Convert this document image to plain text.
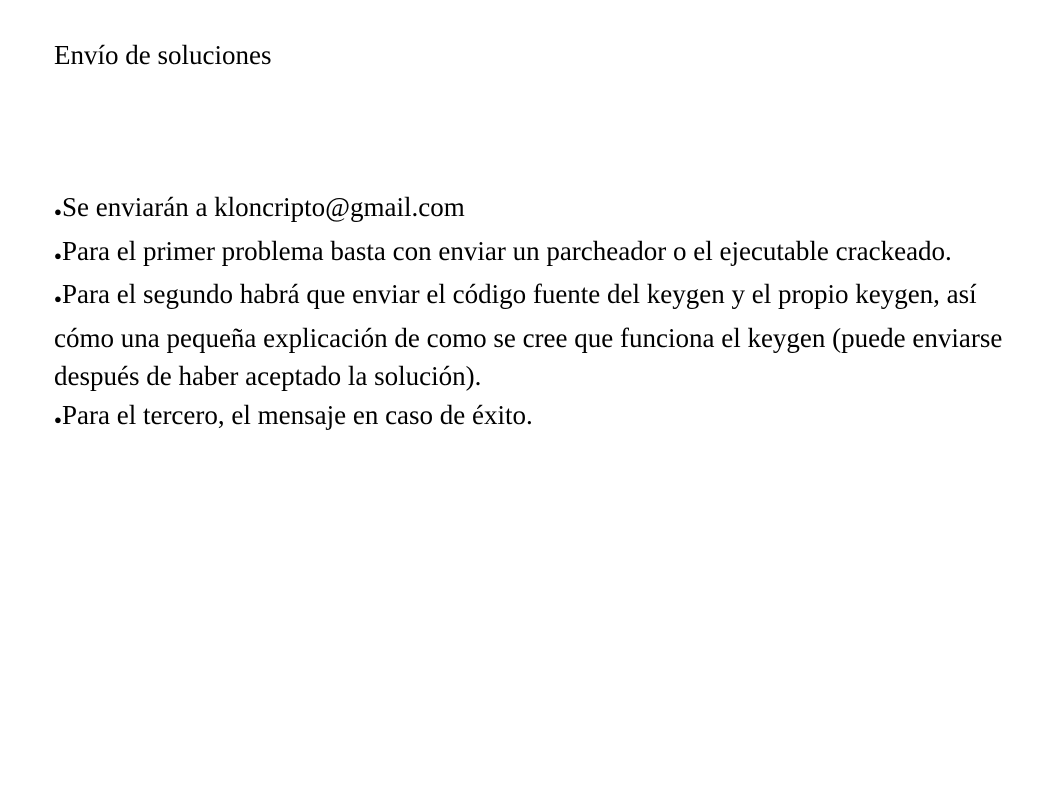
Envío de soluciones
●Se enviarán a kloncripto@gmail.com
●Para el primer problema basta con enviar un parcheador o el ejecutable crackeado.
●Para el segundo habrá que enviar el código fuente del keygen y el propio keygen, así cómo una pequeña explicación de como se cree que funciona el keygen (puede enviarse después de haber aceptado la solución).
●Para el tercero, el mensaje en caso de éxito.
